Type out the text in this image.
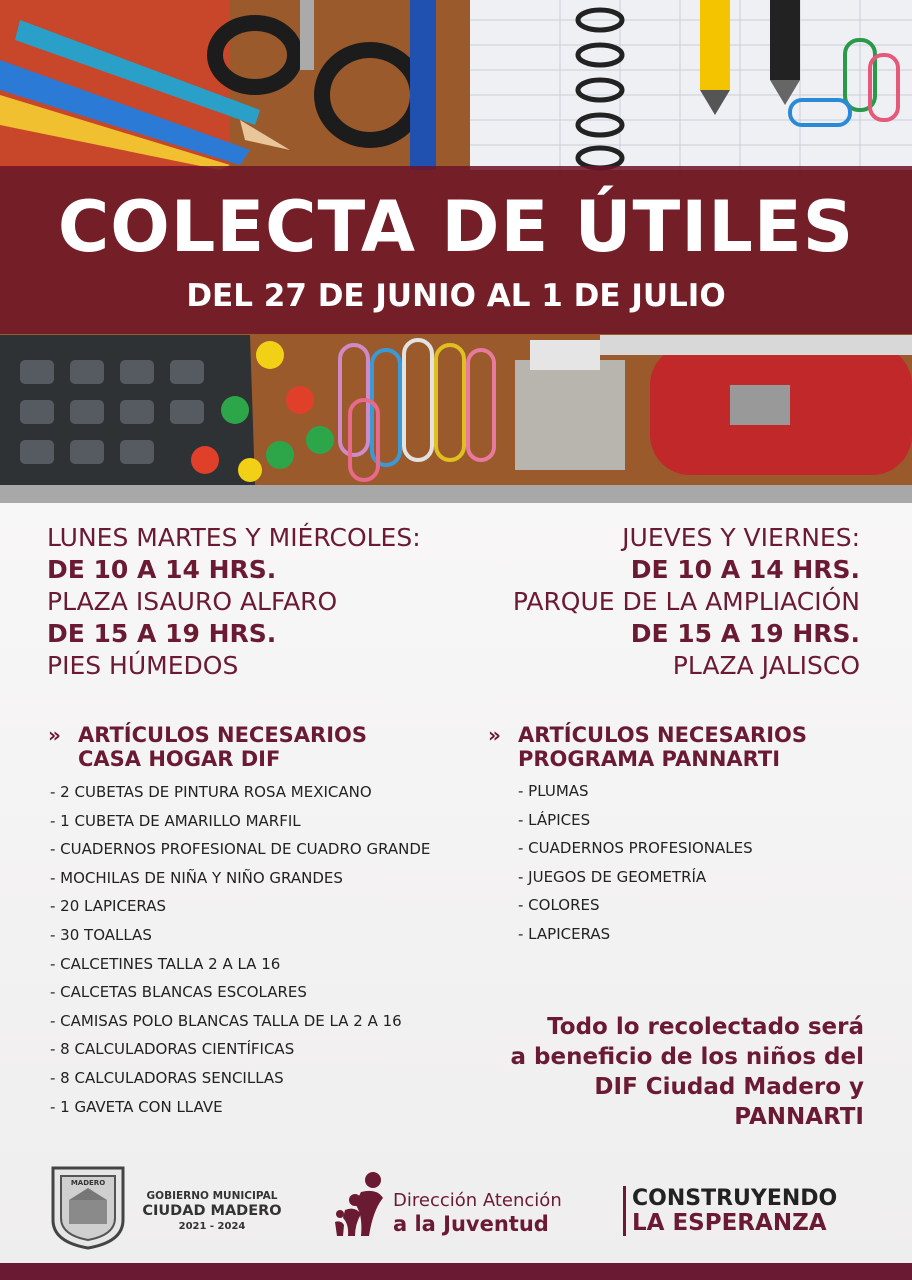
COLECTA DE ÚTILES
DEL 27 DE JUNIO AL 1 DE JULIO
LUNES MARTES Y MIÉRCOLES:
DE 10 A 14 HRS.
PLAZA ISAURO ALFARO
DE 15 A 19 HRS.
PIES HÚMEDOS
JUEVES Y VIERNES:
DE 10 A 14 HRS.
PARQUE DE LA AMPLIACIÓN
DE 15 A 19 HRS.
PLAZA JALISCO
» ARTÍCULOS NECESARIOS
CASA HOGAR DIF
- 2 CUBETAS DE PINTURA ROSA MEXICANO
- 1 CUBETA DE AMARILLO MARFIL
- CUADERNOS PROFESIONAL DE CUADRO GRANDE
- MOCHILAS DE NIÑA Y NIÑO GRANDES
- 20 LAPICERAS
- 30 TOALLAS
- CALCETINES TALLA 2 A LA 16
- CALCETAS BLANCAS ESCOLARES
- CAMISAS POLO BLANCAS TALLA DE LA 2 A 16
- 8 CALCULADORAS CIENTÍFICAS
- 8 CALCULADORAS SENCILLAS
- 1 GAVETA CON LLAVE
» ARTÍCULOS NECESARIOS
PROGRAMA PANNARTI
- PLUMAS
- LÁPICES
- CUADERNOS PROFESIONALES
- JUEGOS DE GEOMETRÍA
- COLORES
- LAPICERAS
Todo lo recolectado será
a beneficio de los niños del
DIF Ciudad Madero y
PANNARTI
MADERO
GOBIERNO MUNICIPAL
CIUDAD MADERO
2021 - 2024
Dirección Atención
a la Juventud
CONSTRUYENDO
LA ESPERANZA
